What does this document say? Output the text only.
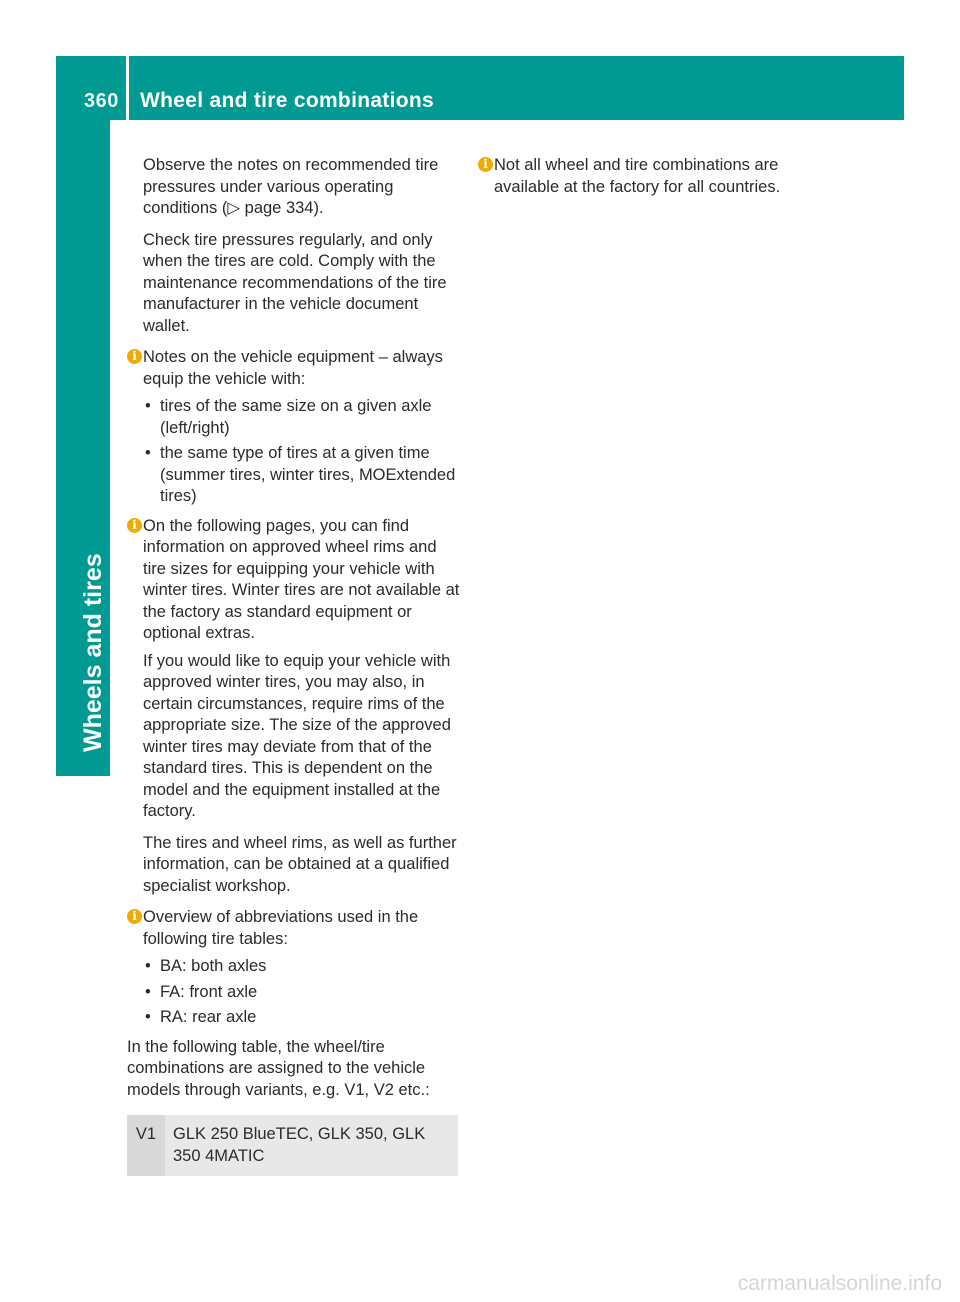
360 Wheel and tire combinations
Wheels and tires

Observe the notes on recommended tire pressures under various operating conditions (▷ page 334).

Check tire pressures regularly, and only when the tires are cold. Comply with the maintenance recommendations of the tire manufacturer in the vehicle document wallet.

i Notes on the vehicle equipment – always equip the vehicle with:
• tires of the same size on a given axle (left/right)
• the same type of tires at a given time (summer tires, winter tires, MOExtended tires)
i On the following pages, you can find information on approved wheel rims and tire sizes for equipping your vehicle with winter tires. Winter tires are not available at the factory as standard equipment or optional extras.

If you would like to equip your vehicle with approved winter tires, you may also, in certain circumstances, require rims of the appropriate size. The size of the approved winter tires may deviate from that of the standard tires. This is dependent on the model and the equipment installed at the factory.

The tires and wheel rims, as well as further information, can be obtained at a qualified specialist workshop.

i Overview of abbreviations used in the following tire tables:
• BA: both axles
• FA: front axle
• RA: rear axle

In the following table, the wheel/tire combinations are assigned to the vehicle models through variants, e.g. V1, V2 etc.:

V1	GLK 250 BlueTEC, GLK 350, GLK 350 4MATIC
i Not all wheel and tire combinations are available at the factory for all countries.
carmanualsonline.info
